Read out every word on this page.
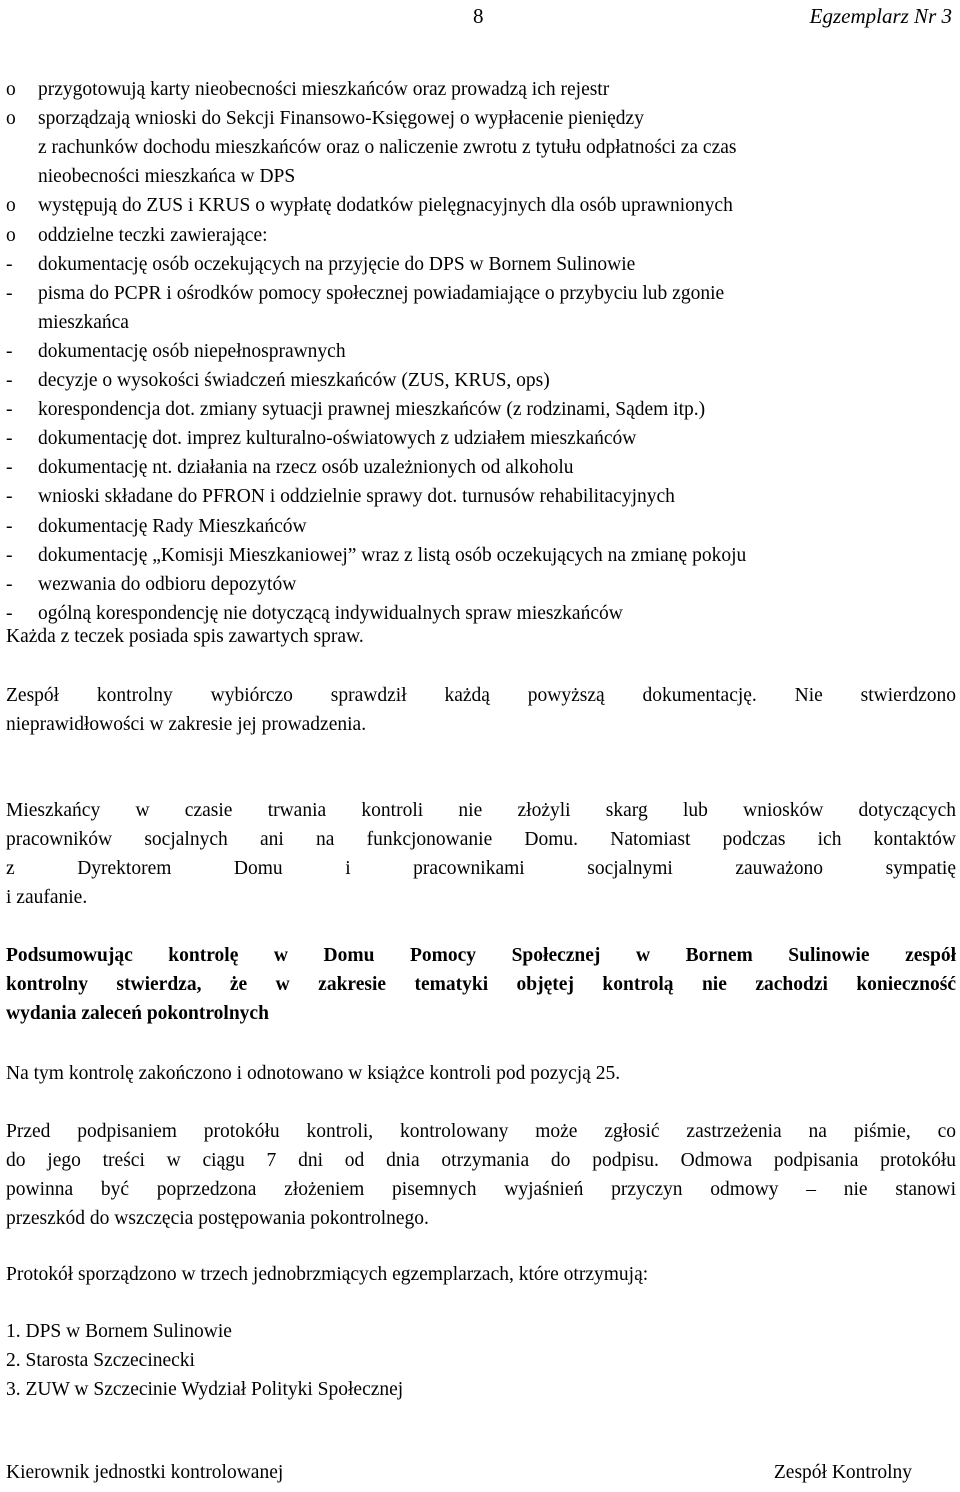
8	Egzemplarz Nr 3
o	przygotowują karty nieobecności mieszkańców oraz prowadzą ich rejestr
o	sporządzają wnioski do Sekcji Finansowo-Księgowej o wypłacenie pieniędzy
z rachunków dochodu mieszkańców oraz o naliczenie zwrotu z tytułu odpłatności za czas
nieobecności mieszkańca w DPS
o	występują do ZUS i KRUS o wypłatę dodatków pielęgnacyjnych dla osób uprawnionych
o	oddzielne teczki zawierające:
-	dokumentację osób oczekujących na przyjęcie do DPS w Bornem Sulinowie
-	pisma do PCPR i ośrodków pomocy społecznej powiadamiające o przybyciu lub zgonie
mieszkańca
-	dokumentację osób niepełnosprawnych
-	decyzje o wysokości świadczeń mieszkańców (ZUS, KRUS, ops)
-	korespondencja dot. zmiany sytuacji prawnej mieszkańców (z rodzinami, Sądem itp.)
-	dokumentację dot. imprez kulturalno-oświatowych z udziałem mieszkańców
-	dokumentację nt. działania na rzecz osób uzależnionych od alkoholu
-	wnioski składane do PFRON i oddzielnie sprawy dot. turnusów rehabilitacyjnych
-	dokumentację Rady Mieszkańców
-	dokumentację „Komisji Mieszkaniowej” wraz z listą osób oczekujących na zmianę pokoju
-	wezwania do odbioru depozytów
-	ogólną korespondencję nie dotyczącą indywidualnych spraw mieszkańców
Każda z teczek posiada spis zawartych spraw.
Zespół kontrolny wybiórczo sprawdził każdą powyższą dokumentację. Nie stwierdzono
nieprawidłowości w zakresie jej prowadzenia.
Mieszkańcy w czasie trwania kontroli nie złożyli skarg lub wniosków dotyczących
pracowników socjalnych ani na funkcjonowanie Domu. Natomiast podczas ich kontaktów
z Dyrektorem Domu i pracownikami socjalnymi zauważono sympatię
i zaufanie.
Podsumowując kontrolę w Domu Pomocy Społecznej w Bornem Sulinowie zespół
kontrolny stwierdza, że w zakresie tematyki objętej kontrolą nie zachodzi konieczność
wydania zaleceń pokontrolnych
Na tym kontrolę zakończono i odnotowano w książce kontroli pod pozycją 25.
Przed podpisaniem protokółu kontroli, kontrolowany może zgłosić zastrzeżenia na piśmie, co
do jego treści w ciągu 7 dni od dnia otrzymania do podpisu. Odmowa podpisania protokółu
powinna być poprzedzona złożeniem pisemnych wyjaśnień przyczyn odmowy – nie stanowi
przeszkód do wszczęcia postępowania pokontrolnego.
Protokół sporządzono w trzech jednobrzmiących egzemplarzach, które otrzymują:
1. DPS w Bornem Sulinowie
2. Starosta Szczecinecki
3. ZUW w Szczecinie Wydział Polityki Społecznej
Kierownik jednostki kontrolowanej	Zespół Kontrolny
